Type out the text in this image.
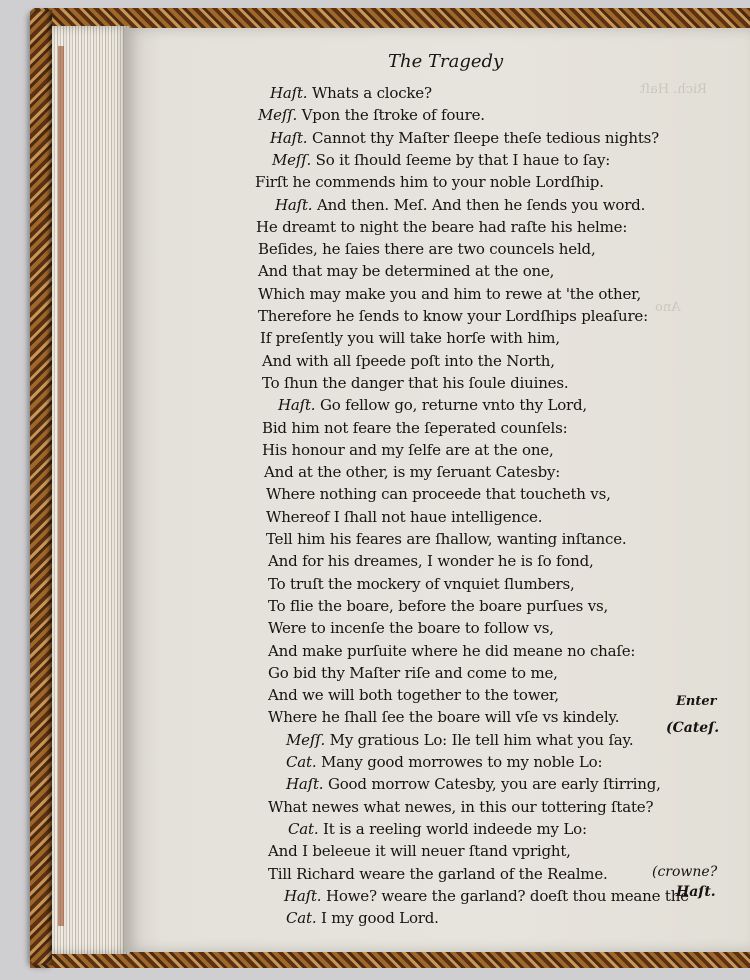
Rich. Haſt
Ano
The Tragedy
Haſt. Whats a clocke?
Meſſ. Vpon the ſtroke of foure.
Haſt. Cannot thy Maſter ſleepe theſe tedious nights?
Meſſ. So it ſhould ſeeme by that I haue to ſay:
Firſt he commends him to your noble Lordſhip.
Haſt. And then. Meſ. And then he ſends you word.
He dreamt to night the beare had raſte his helme:
Beſides, he ſaies there are two councels held,
And that may be determined at the one,
Which may make you and him to rewe at 'the other,
Therefore he ſends to know your Lordſhips pleaſure:
If preſently you will take horſe with him,
And with all ſpeede poſt into the North,
To ſhun the danger that his ſoule diuines.
Haſt. Go fellow go, returne vnto thy Lord,
Bid him not feare the ſeperated counſels:
His honour and my ſelfe are at the one,
And at the other, is my ſeruant Catesby:
Where nothing can proceede that toucheth vs,
Whereof I ſhall not haue intelligence.
Tell him his feares are ſhallow, wanting inſtance.
And for his dreames, I wonder he is ſo fond,
To truſt the mockery of vnquiet ſlumbers,
To flie the boare, before the boare purſues vs,
Were to incenſe the boare to follow vs,
And make purſuite where he did meane no chaſe:
Go bid thy Maſter riſe and come to me,
And we will both together to the tower,
Where he ſhall ſee the boare will vſe vs kindely.
Meſſ. My gratious Lo: Ile tell him what you ſay.
Cat. Many good morrowes to my noble Lo:
Haſt. Good morrow Catesby, you are early ſtirring,
What newes what newes, in this our tottering ſtate?
Cat. It is a reeling world indeede my Lo:
And I beleeue it will neuer ſtand vpright,
Till Richard weare the garland of the Realme.
Haſt. Howe? weare the garland? doeſt thou meane the
Cat. I my good Lord.
Enter
(Cateſ.
(crowne?
Haſt.
